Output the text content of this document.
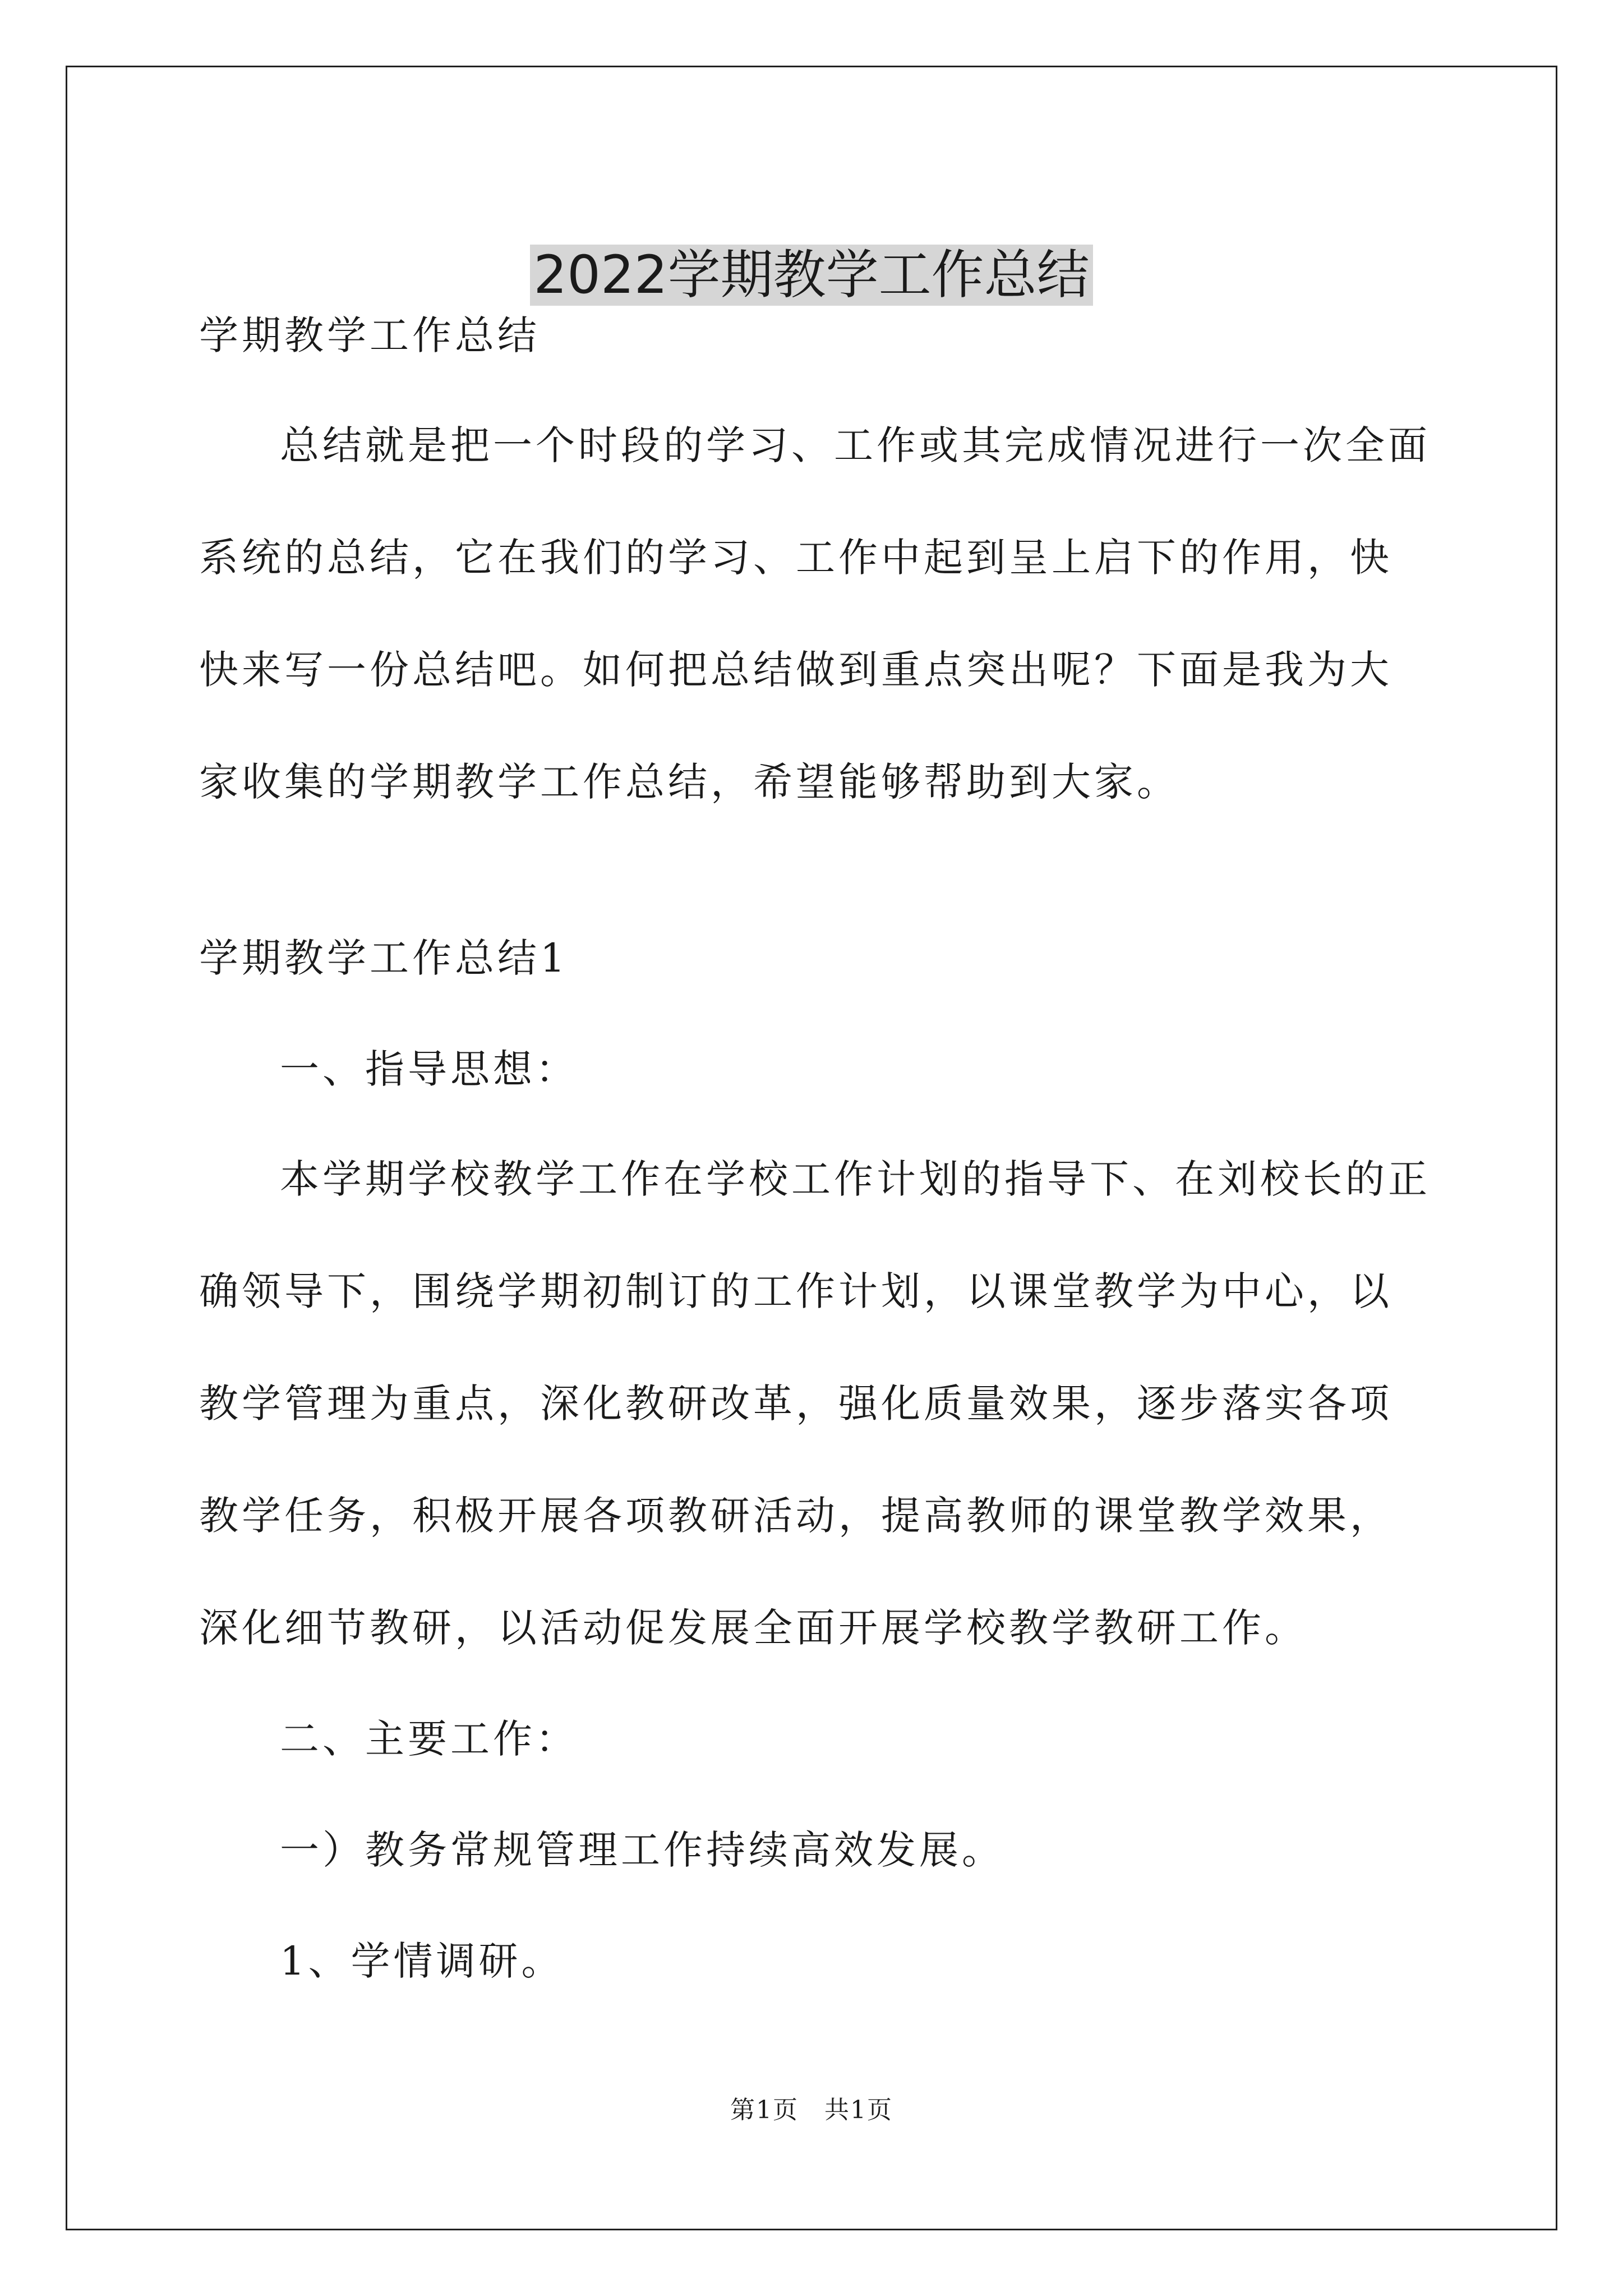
2022学期教学工作总结

学期教学工作总结

总结就是把一个时段的学习、工作或其完成情况进行一次全面系统的总结，它在我们的学习、工作中起到呈上启下的作用，快快来写一份总结吧。如何把总结做到重点突出呢？下面是我为大家收集的学期教学工作总结，希望能够帮助到大家。

学期教学工作总结1

一、指导思想：

本学期学校教学工作在学校工作计划的指导下、在刘校长的正确领导下，围绕学期初制订的工作计划，以课堂教学为中心，以教学管理为重点，深化教研改革，强化质量效果，逐步落实各项教学任务，积极开展各项教研活动，提高教师的课堂教学效果，深化细节教研，以活动促发展全面开展学校教学教研工作。

二、主要工作：

一）教务常规管理工作持续高效发展。

1、学情调研。

第1页　共1页
